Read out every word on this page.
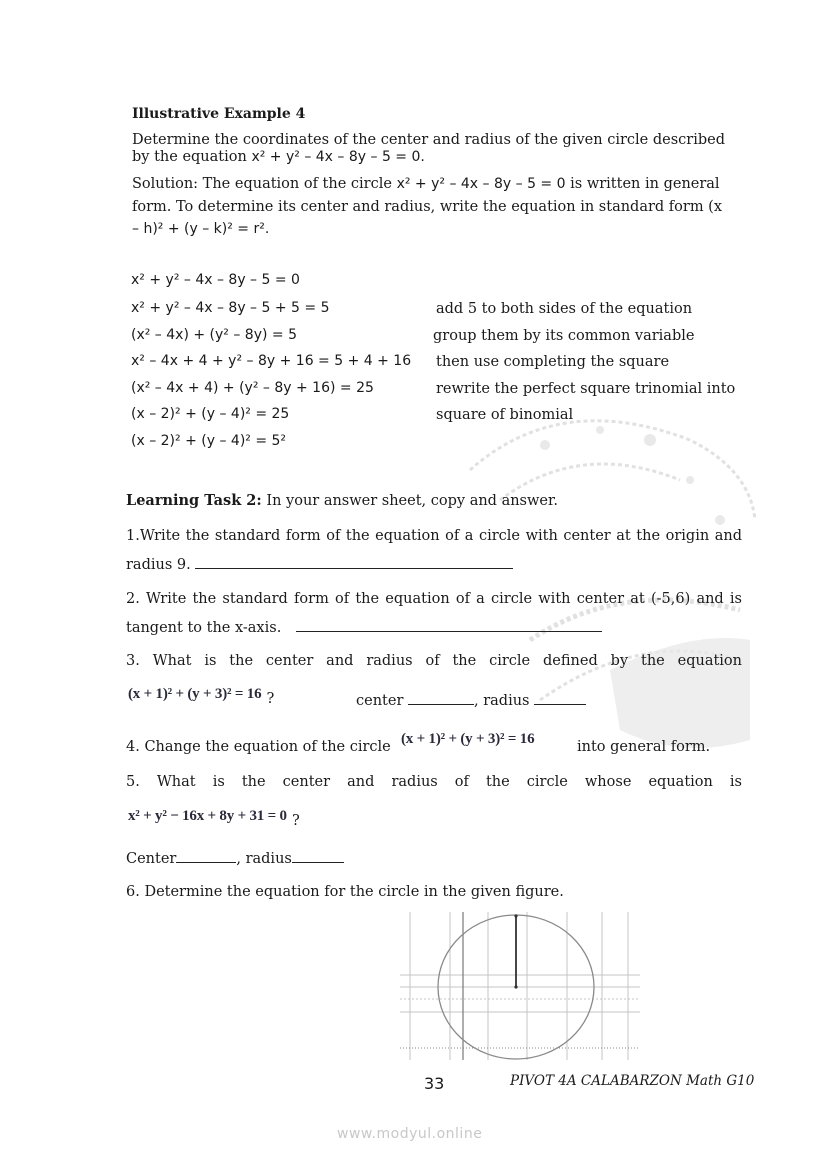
Illustrative Example 4
Determine the coordinates of the center and radius of the given circle described
by the equation x² + y² – 4x – 8y – 5 = 0.
Solution: The equation of the circle x² + y² – 4x – 8y – 5 = 0 is written in general
form. To determine its center and radius, write the equation in standard form (x
– h)² + (y – k)² = r².
x² + y² – 4x – 8y – 5 = 0
x² + y² – 4x – 8y – 5 + 5 = 5	add 5 to both sides of the equation
(x² – 4x) + (y² – 8y) = 5	group them by its common variable
x² – 4x + 4 + y² – 8y + 16 = 5 + 4 + 16 then use completing the square
(x² – 4x + 4) + (y² – 8y + 16) = 25	rewrite the perfect square trinomial into
(x – 2)² + (y – 4)² = 25	square of binomial
(x – 2)² + (y – 4)² = 5²
Learning Task 2: In your answer sheet, copy and answer.
1.Write the standard form of the equation of a circle with center at the origin and
radius 9.
2. Write the standard form of the equation of a circle with center at (-5,6) and is
tangent to the x-axis.
3. What is the center and radius of the circle defined by the equation
(x + 1)² + (y + 3)² = 16 ?	center	, radius
4. Change the equation of the circle (x + 1)² + (y + 3)² = 16	into general form.
5. What is the center and radius of the circle whose equation is
x² + y² − 16x + 8y + 31 = 0 ?
Center	, radius
6. Determine the equation for the circle in the given figure.
33	PIVOT 4A CALABARZON Math G10
www.modyul.online
